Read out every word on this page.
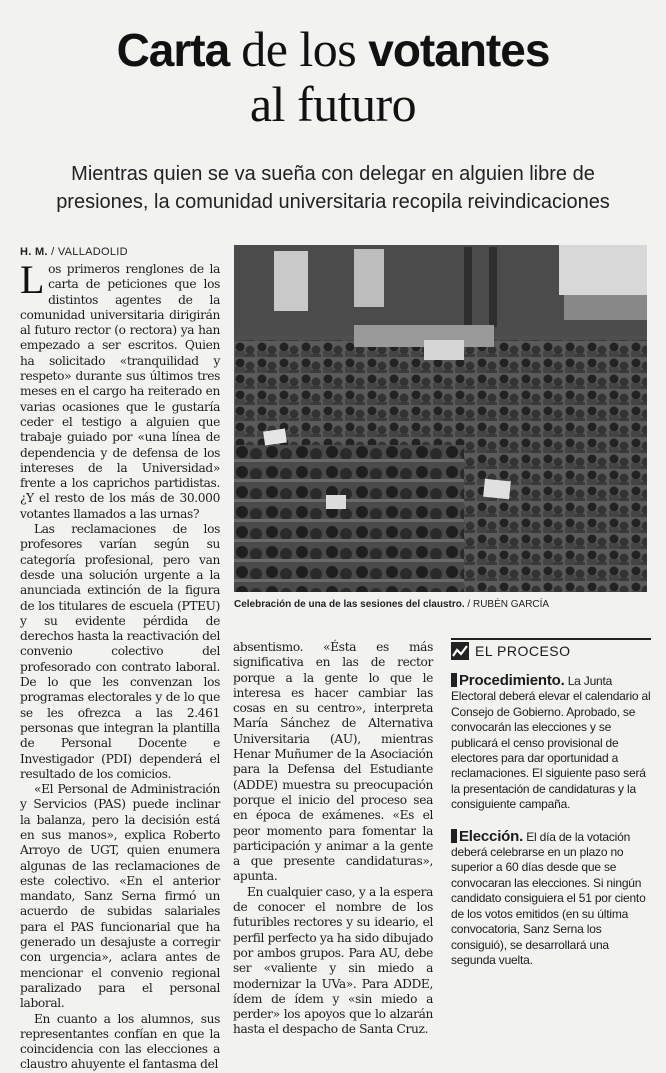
Carta de los votantes
al futuro
Mientras quien se va sueña con delegar en alguien libre de
presiones, la comunidad universitaria recopila reivindicaciones
H. M. / VALLADOLID

Los primeros renglones de la carta de peticiones que los distintos agentes de la comunidad universitaria dirigirán al futuro rector (o rectora) ya han empezado a ser escritos. Quien ha solicitado «tranquilidad y respeto» durante sus últimos tres meses en el cargo ha reiterado en varias ocasiones que le gustaría ceder el testigo a alguien que trabaje guiado por «una línea de dependencia y de defensa de los intereses de la Universidad» frente a los caprichos partidistas. ¿Y el resto de los más de 30.000 votantes llamados a las urnas?

Las reclamaciones de los profesores varían según su categoría profesional, pero van desde una solución urgente a la anunciada extinción de la figura de los titulares de escuela (PTEU) y su evidente pérdida de derechos hasta la reactivación del convenio colectivo del profesorado con contrato laboral. De lo que les convenzan los programas electorales y de lo que se les ofrezca a las 2.461 personas que integran la plantilla de Personal Docente e Investigador (PDI) dependerá el resultado de los comicios.

«El Personal de Administración y Servicios (PAS) puede inclinar la balanza, pero la decisión está en sus manos», explica Roberto Arroyo de UGT, quien enumera algunas de las reclamaciones de este colectivo. «En el anterior mandato, Sanz Serna firmó un acuerdo de subidas salariales para el PAS funcionarial que ha generado un desajuste a corregir con urgencia», aclara antes de mencionar el convenio regional paralizado para el personal laboral.

En cuanto a los alumnos, sus representantes confían en que la coincidencia con las elecciones a claustro ahuyente el fantasma del

Celebración de una de las sesiones del claustro. / RUBÉN GARCÍA

absentismo. «Ésta es más significativa en las de rector porque a la gente lo que le interesa es hacer cambiar las cosas en su centro», interpreta María Sánchez de Alternativa Universitaria (AU), mientras Henar Muñumer de la Asociación para la Defensa del Estudiante (ADDE) muestra su preocupación porque el inicio del proceso sea en época de exámenes. «Es el peor momento para fomentar la participación y animar a la gente a que presente candidaturas», apunta.

En cualquier caso, y a la espera de conocer el nombre de los futuribles rectores y su ideario, el perfil perfecto ya ha sido dibujado por ambos grupos. Para AU, debe ser «valiente y sin miedo a modernizar la UVa». Para ADDE, ídem de ídem y «sin miedo a perder» los apoyos que lo alzarán hasta el despacho de Santa Cruz.

EL PROCESO
Procedimiento. La Junta Electoral deberá elevar el calendario al Consejo de Gobierno. Aprobado, se convocarán las elecciones y se publicará el censo provisional de electores para dar oportunidad a reclamaciones. El siguiente paso será la presentación de candidaturas y la consiguiente campaña.
Elección. El día de la votación deberá celebrarse en un plazo no superior a 60 días desde que se convocaran las elecciones. Si ningún candidato consiguiera el 51 por ciento de los votos emitidos (en su última convocatoria, Sanz Serna los consiguió), se desarrollará una segunda vuelta.
